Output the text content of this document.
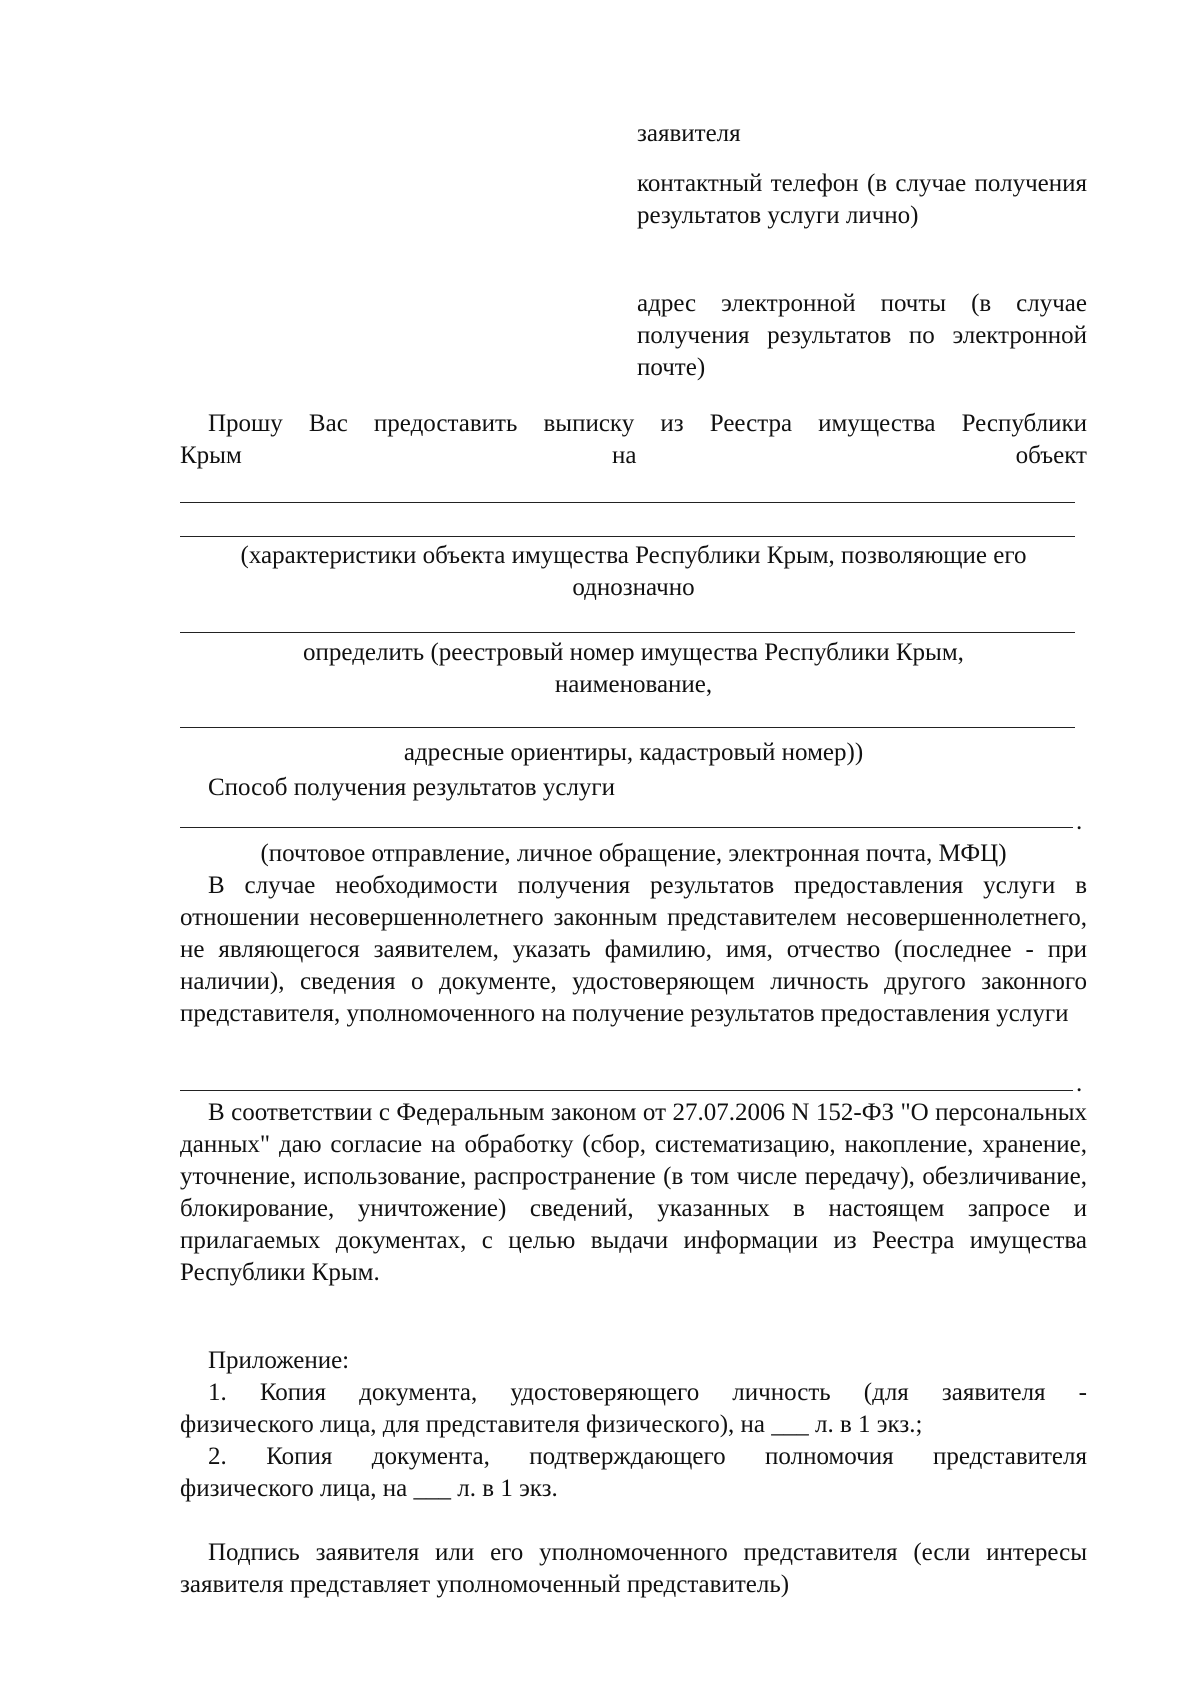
заявителя
контактный телефон (в случае получения результатов услуги лично)
адрес электронной почты (в случае получения результатов по электронной почте)
Прошу Вас предоставить выписку из Реестра имущества Республики
Крым	на	объект
(характеристики объекта имущества Республики Крым, позволяющие его
однозначно
определить (реестровый номер имущества Республики Крым,
наименование,
адресные ориентиры, кадастровый номер))
Способ получения результатов услуги
.
(почтовое отправление, личное обращение, электронная почта, МФЦ)
В случае необходимости получения результатов предоставления услуги в отношении несовершеннолетнего законным представителем несовершеннолетнего, не являющегося заявителем, указать фамилию, имя, отчество (последнее - при наличии), сведения о документе, удостоверяющем личность другого законного представителя, уполномоченного на получение результатов предоставления услуги
.
В соответствии с Федеральным законом от 27.07.2006 N 152-ФЗ "О персональных данных" даю согласие на обработку (сбор, систематизацию, накопление, хранение, уточнение, использование, распространение (в том числе передачу), обезличивание, блокирование, уничтожение) сведений, указанных в настоящем запросе и прилагаемых документах, с целью выдачи информации из Реестра имущества Республики Крым.
Приложение:
1. Копия документа, удостоверяющего личность (для заявителя -
физического лица, для представителя физического), на ___ л. в 1 экз.;
2. Копия документа, подтверждающего полномочия представителя
физического лица, на ___ л. в 1 экз.
Подпись заявителя или его уполномоченного представителя (если интересы заявителя представляет уполномоченный представитель)
